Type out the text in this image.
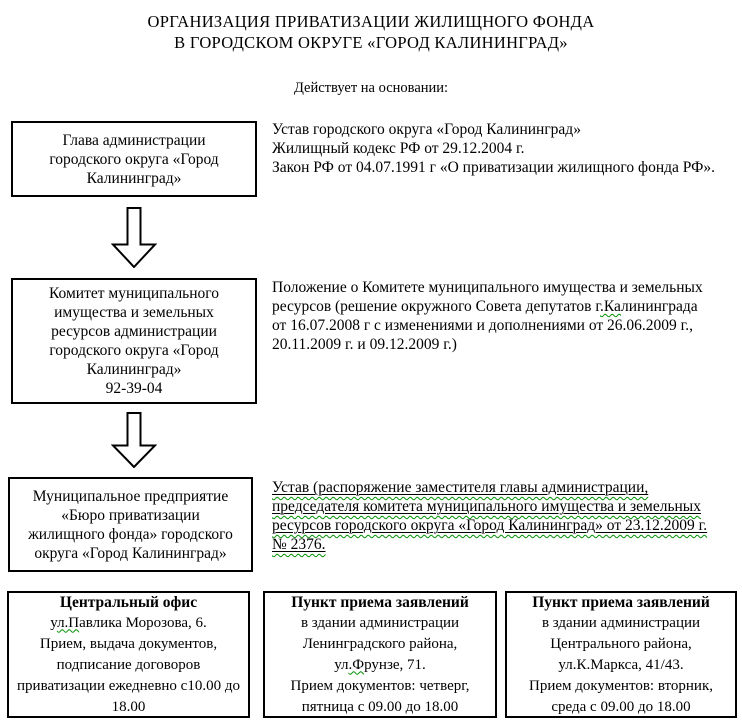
ОРГАНИЗАЦИЯ ПРИВАТИЗАЦИИ ЖИЛИЩНОГО ФОНДА
В ГОРОДСКОМ ОКРУГЕ «ГОРОД КАЛИНИНГРАД»
Действует на основании:
Глава администрации
городского округа «Город
Калининград»
Комитет муниципального
имущества и земельных
ресурсов администрации
городского округа «Город
Калининград»
92-39-04
Муниципальное предприятие
«Бюро приватизации
жилищного фонда» городского
округа «Город Калининград»
Устав городского округа «Город Калининград»
Жилищный кодекс РФ от 29.12.2004 г.
Закон РФ от 04.07.1991 г «О приватизации жилищного фонда РФ».
Положение о Комитете муниципального имущества и земельных
ресурсов (решение окружного Совета депутатов г.Калининграда
от 16.07.2008 г с изменениями и дополнениями от 26.06.2009 г.,
20.11.2009 г. и 09.12.2009 г.)
Устав (распоряжение заместителя главы администрации,
председателя комитета муниципального имущества и земельных
ресурсов городского округа «Город Калининград» от 23.12.2009 г.
№ 2376.
Центральный офис
ул.Павлика Морозова, 6.
Прием, выдача документов,
подписание договоров
приватизации ежедневно с10.00 до
18.00
Пункт приема заявлений
в здании администрации
Ленинградского района,
ул.Фрунзе, 71.
Прием документов: четверг,
пятница с 09.00 до 18.00
Пункт приема заявлений
в здании администрации
Центрального района,
ул.К.Маркса, 41/43.
Прием документов: вторник,
среда с 09.00 до 18.00
